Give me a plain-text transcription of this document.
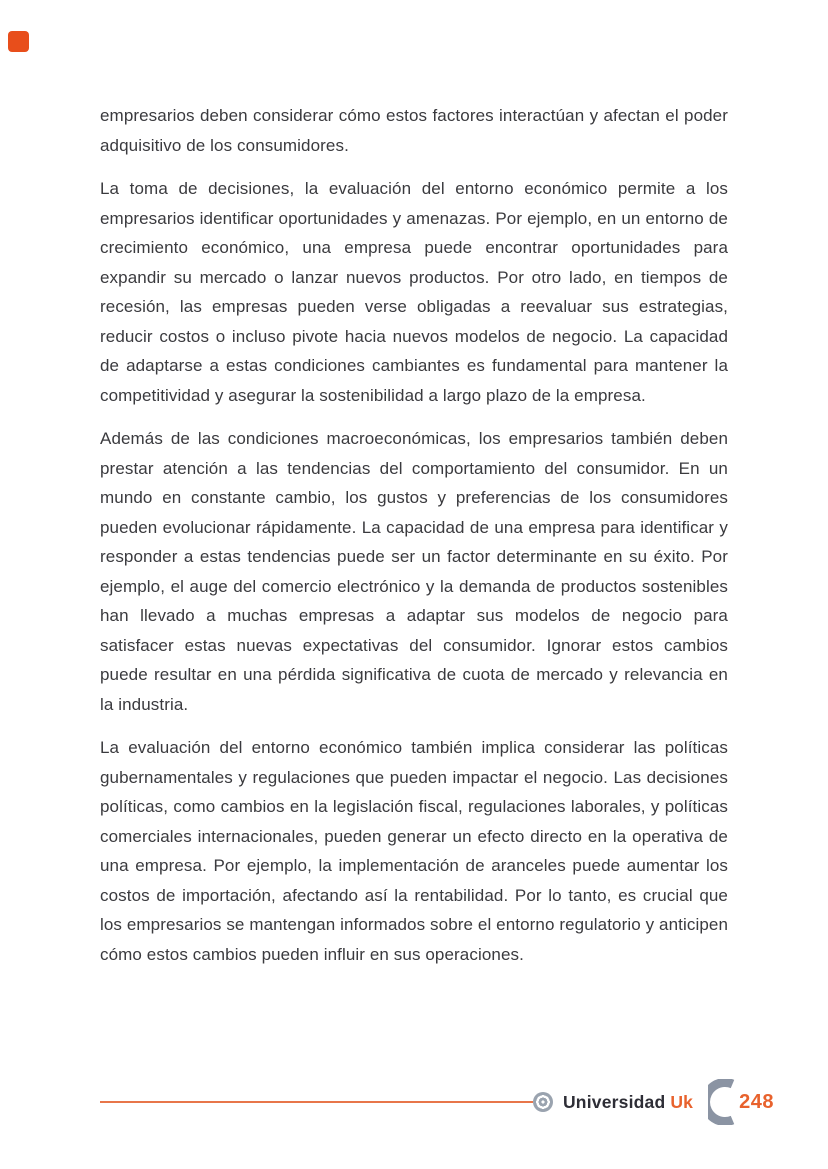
empresarios deben considerar cómo estos factores interactúan y afectan el poder adquisitivo de los consumidores.

La toma de decisiones, la evaluación del entorno económico permite a los empresarios identificar oportunidades y amenazas. Por ejemplo, en un entorno de crecimiento económico, una empresa puede encontrar oportunidades para expandir su mercado o lanzar nuevos productos. Por otro lado, en tiempos de recesión, las empresas pueden verse obligadas a reevaluar sus estrategias, reducir costos o incluso pivote hacia nuevos modelos de negocio. La capacidad de adaptarse a estas condiciones cambiantes es fundamental para mantener la competitividad y asegurar la sostenibilidad a largo plazo de la empresa.

Además de las condiciones macroeconómicas, los empresarios también deben prestar atención a las tendencias del comportamiento del consumidor. En un mundo en constante cambio, los gustos y preferencias de los consumidores pueden evolucionar rápidamente. La capacidad de una empresa para identificar y responder a estas tendencias puede ser un factor determinante en su éxito. Por ejemplo, el auge del comercio electrónico y la demanda de productos sostenibles han llevado a muchas empresas a adaptar sus modelos de negocio para satisfacer estas nuevas expectativas del consumidor. Ignorar estos cambios puede resultar en una pérdida significativa de cuota de mercado y relevancia en la industria.

La evaluación del entorno económico también implica considerar las políticas gubernamentales y regulaciones que pueden impactar el negocio. Las decisiones políticas, como cambios en la legislación fiscal, regulaciones laborales, y políticas comerciales internacionales, pueden generar un efecto directo en la operativa de una empresa. Por ejemplo, la implementación de aranceles puede aumentar los costos de importación, afectando así la rentabilidad. Por lo tanto, es crucial que los empresarios se mantengan informados sobre el entorno regulatorio y anticipen cómo estos cambios pueden influir en sus operaciones.

Universidad Uk 248
